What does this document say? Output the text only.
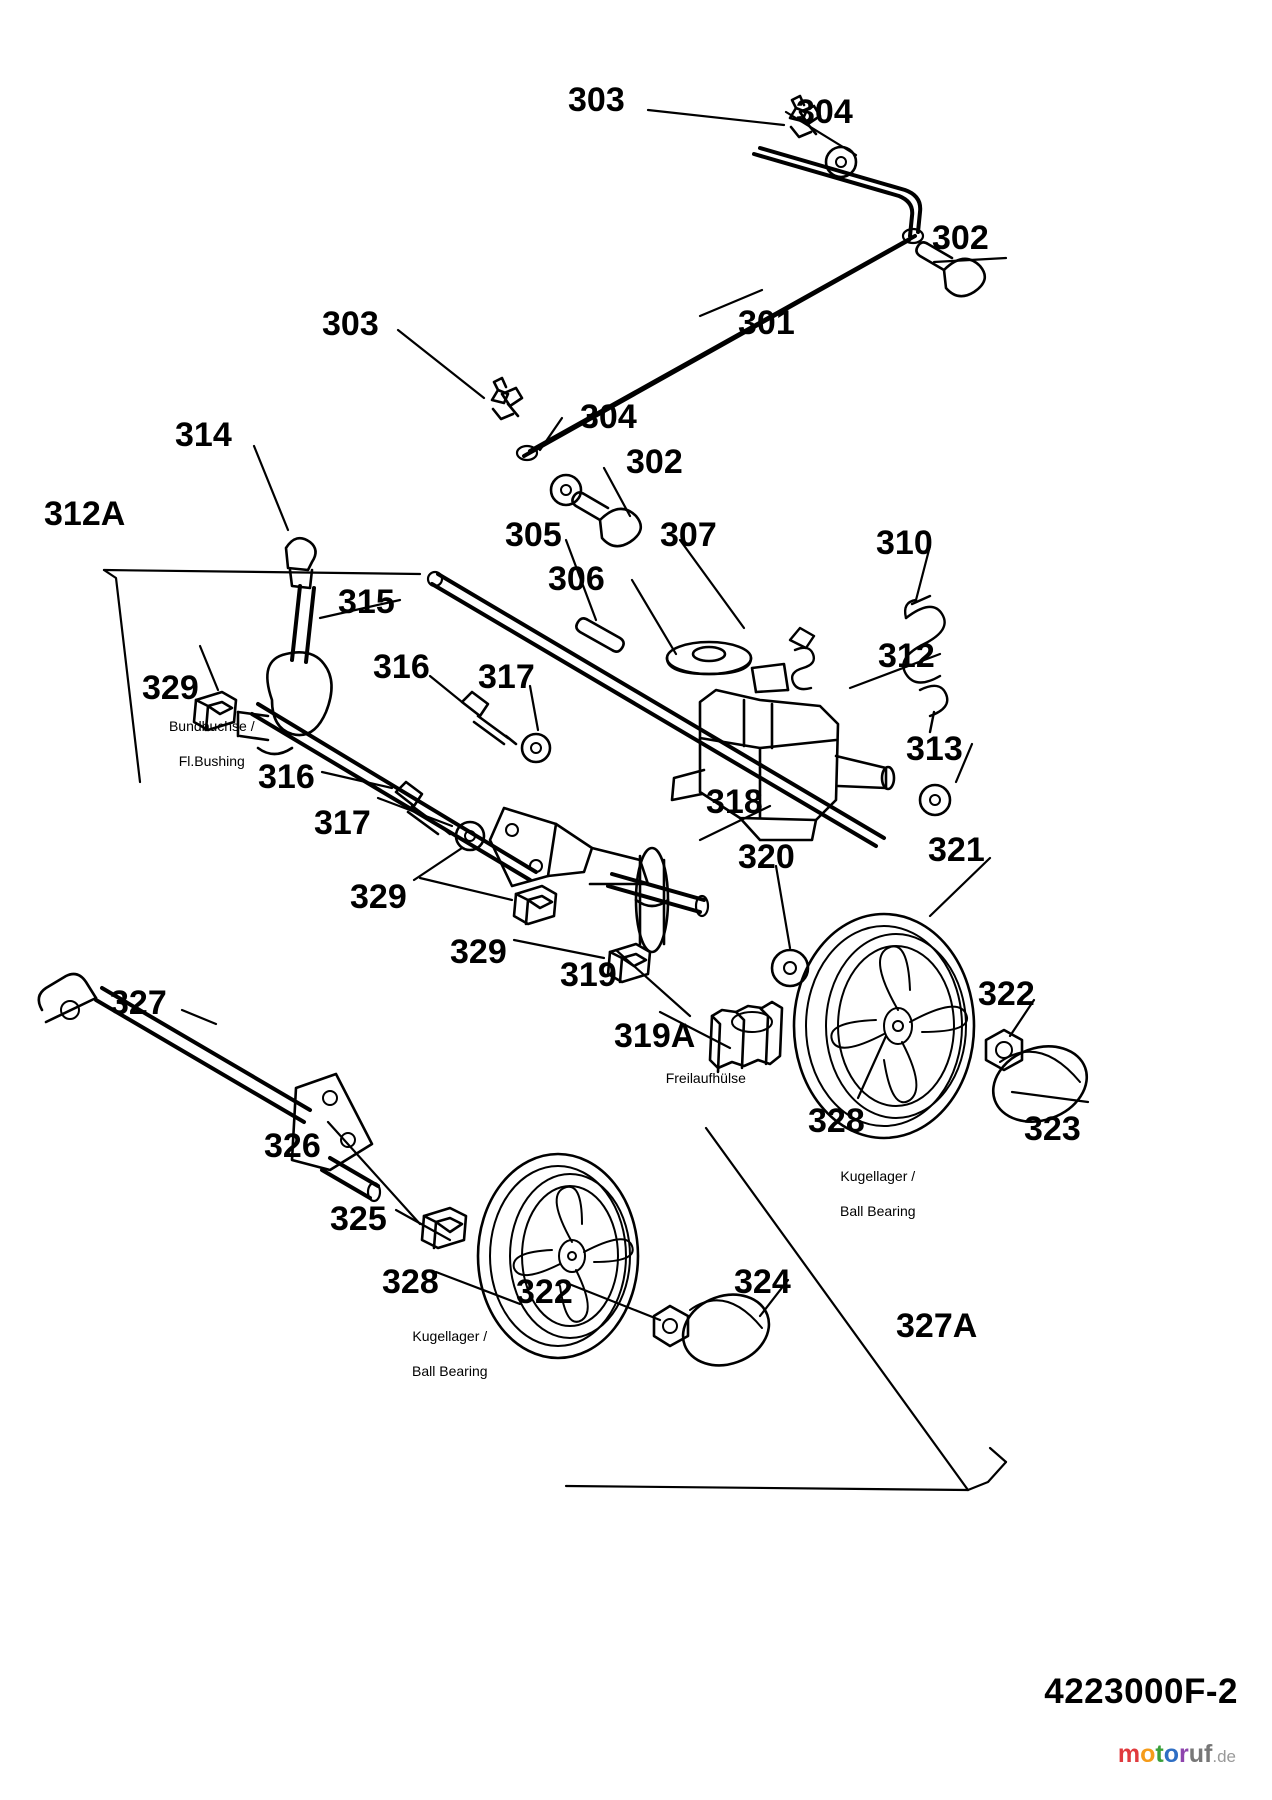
303	304
302
301
303
304
302
314
312A
305	307	310
306
315
312
329
316 317
313
316
317
318
320	321
329
322
329
319
319A
327
328	323
326
325
328 322	324
327A

Bundbuchse /

Fl.Bushing

Freilaufhülse

Kugellager /

Ball Bearing

Kugellager /

Ball Bearing

4223000F-2
motoruf.de
